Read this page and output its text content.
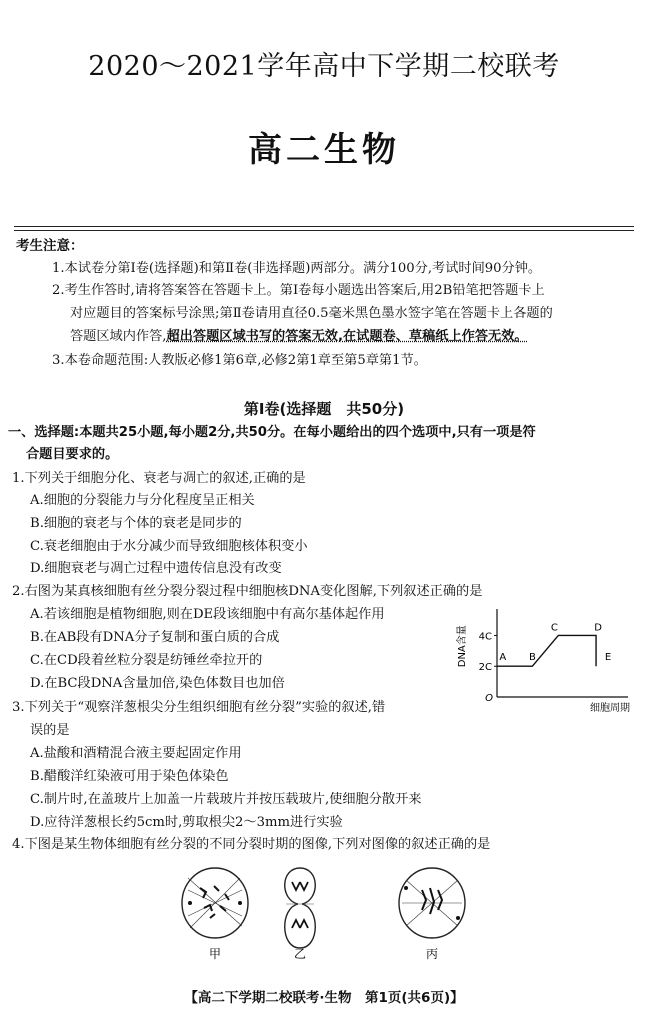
2020～2021学年高中下学期二校联考
高二生物
考生注意：
1.本试卷分第Ⅰ卷(选择题)和第Ⅱ卷(非选择题)两部分。满分100分,考试时间90分钟。
2.考生作答时,请将答案答在答题卡上。第Ⅰ卷每小题选出答案后,用2B铅笔把答题卡上
对应题目的答案标号涂黑;第Ⅱ卷请用直径0.5毫米黑色墨水签字笔在答题卡上各题的
答题区域内作答,超出答题区域书写的答案无效,在试题卷、草稿纸上作答无效。
3.本卷命题范围:人教版必修1第6章,必修2第1章至第5章第1节。
第Ⅰ卷(选择题　共50分)
一、选择题:本题共25小题,每小题2分,共50分。在每小题给出的四个选项中,只有一项是符
合题目要求的。
1.下列关于细胞分化、衰老与凋亡的叙述,正确的是
A.细胞的分裂能力与分化程度呈正相关
B.细胞的衰老与个体的衰老是同步的
C.衰老细胞由于水分减少而导致细胞核体积变小
D.细胞衰老与凋亡过程中遗传信息没有改变
2.右图为某真核细胞有丝分裂分裂过程中细胞核DNA变化图解,下列叙述正确的是
A.若该细胞是植物细胞,则在DE段该细胞中有高尔基体起作用
B.在AB段有DNA分子复制和蛋白质的合成
C.在CD段着丝粒分裂是纺锤丝牵拉开的
D.在BC段DNA含量加倍,染色体数目也加倍
O
2C
4C
DNA含量
细胞周期
A B
C	D
E
3.下列关于“观察洋葱根尖分生组织细胞有丝分裂”实验的叙述,错
误的是
A.盐酸和酒精混合液主要起固定作用
B.醋酸洋红染液可用于染色体染色
C.制片时,在盖玻片上加盖一片载玻片并按压载玻片,使细胞分散开来
D.应待洋葱根长约5cm时,剪取根尖2～3mm进行实验
4.下图是某生物体细胞有丝分裂的不同分裂时期的图像,下列对图像的叙述正确的是
甲	乙	丙
【高二下学期二校联考·生物　第1页(共6页)】
